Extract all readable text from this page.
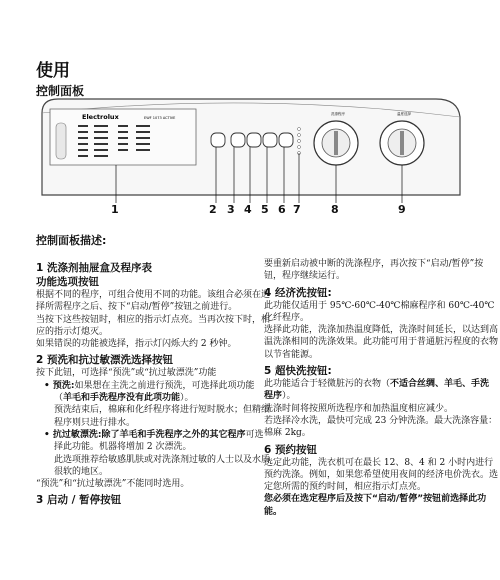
使用
控制面板
Electrolux	EWF 1073 ACTIVE
洗涤程序	温度选择
1	2 3 4 5 6 7	8	9
控制面板描述:

1 洗涤剂抽屉盒及程序表

功能选项按钮

根据不同的程序，可组合使用不同的功能。该组合必须在选择所需程序之后、按下“启动/暂停”按钮之前进行。

当按下这些按钮时，相应的指示灯点亮。当再次按下时，相应的指示灯熄灭。

如果错误的功能被选择，指示灯闪烁大约 2 秒钟。

2 预洗和抗过敏漂洗选择按钮

按下此钮，可选择“预洗”或“抗过敏漂洗”功能

• 预洗:如果想在主洗之前进行预洗，可选择此项功能（羊毛和手洗程序没有此项功能）。

预洗结束后，棉麻和化纤程序将进行短时脱水；但精细程序则只进行排水。

• 抗过敏漂洗:除了羊毛和手洗程序之外的其它程序可选择此功能。机器将增加 2 次漂洗。

此选项推荐给敏感肌肤或对洗涤剂过敏的人士以及水质很软的地区。

“预洗”和“抗过敏漂洗”不能同时选用。

3 启动 / 暂停按钮

要重新启动被中断的洗涤程序，再次按下“启动/暂停”按钮，程序继续运行。

4 经济洗按钮:

此功能仅适用于 95℃-60℃-40℃棉麻程序和 60℃-40℃化纤程序。

选择此功能，洗涤加热温度降低，洗涤时间延长，以达到高温洗涤相同的洗涤效果。此功能可用于普通脏污程度的衣物以节省能源。

5 超快洗按钮:

此功能适合于轻微脏污的衣物（不适合丝绸、羊毛、手洗程序）。

洗涤时间将按照所选程序和加热温度相应减少。

若选择冷水洗，最快可完成 23 分钟洗涤。最大洗涤容量：棉麻 2kg。

6 预约按钮

选定此功能，洗衣机可在最长 12、8、4 和 2 小时内进行预约洗涤。例如，如果您希望使用夜间的经济电价洗衣。选定您所需的预约时间，相应指示灯点亮。

您必须在选定程序后及按下“启动/暂停”按钮前选择此功能。
